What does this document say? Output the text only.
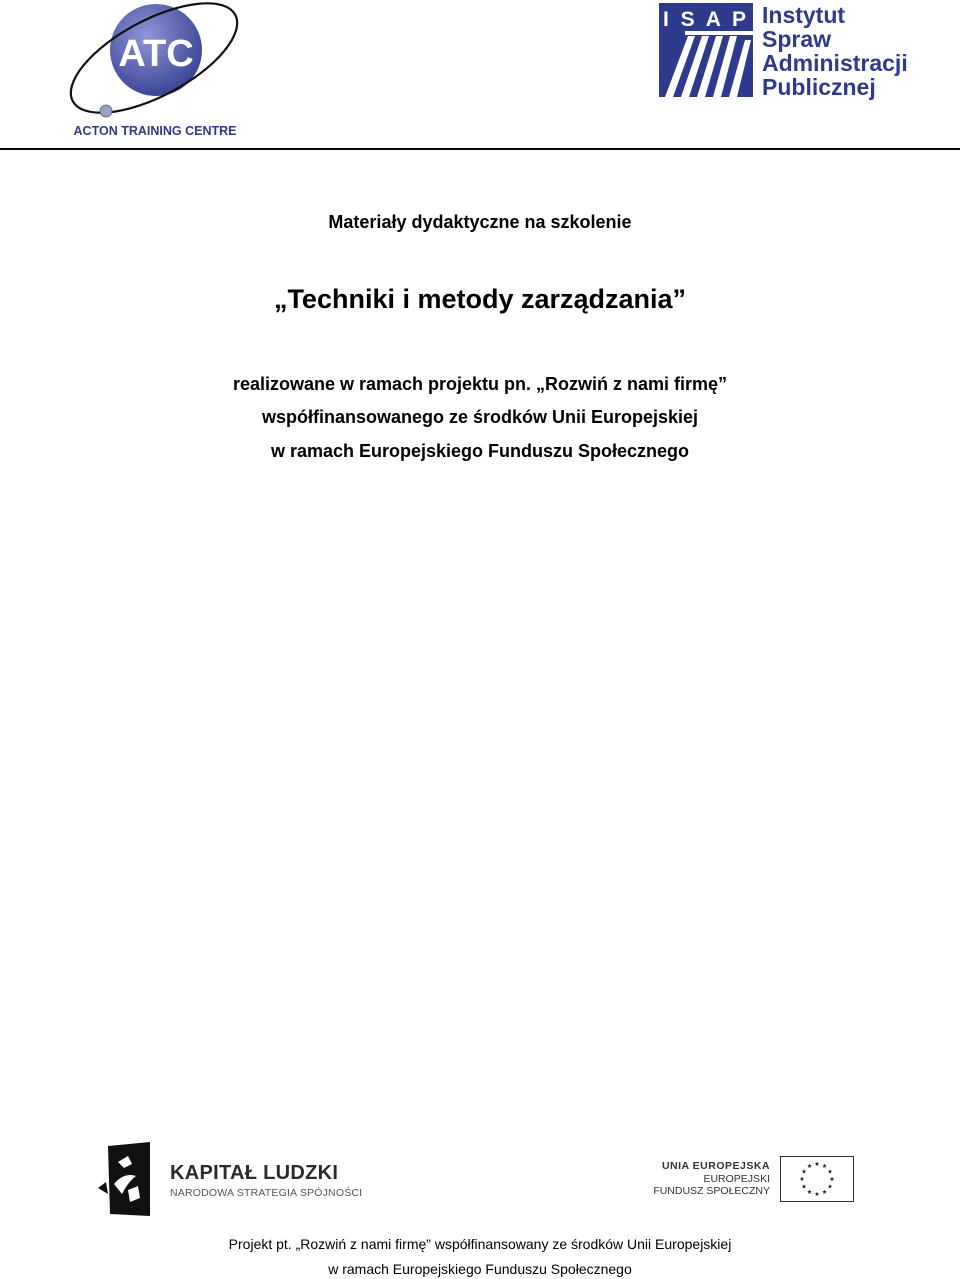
ATC
ACTON TRAINING CENTRE
I S A P Instytut
Spraw
Administracji
Publicznej
Materiały dydaktyczne na szkolenie
„Techniki i metody zarządzania”
realizowane w ramach projektu pn. „Rozwiń z nami firmę”
współfinansowanego ze środków Unii Europejskiej
w ramach Europejskiego Funduszu Społecznego
KAPITAŁ LUDZKI
NARODOWA STRATEGIA SPÓJNOŚCI
UNIA EUROPEJSKA
EUROPEJSKI
FUNDUSZ SPOŁECZNY
Projekt pt. „Rozwiń z nami firmę” współfinansowany ze środków Unii Europejskiej
w ramach Europejskiego Funduszu Społecznego
